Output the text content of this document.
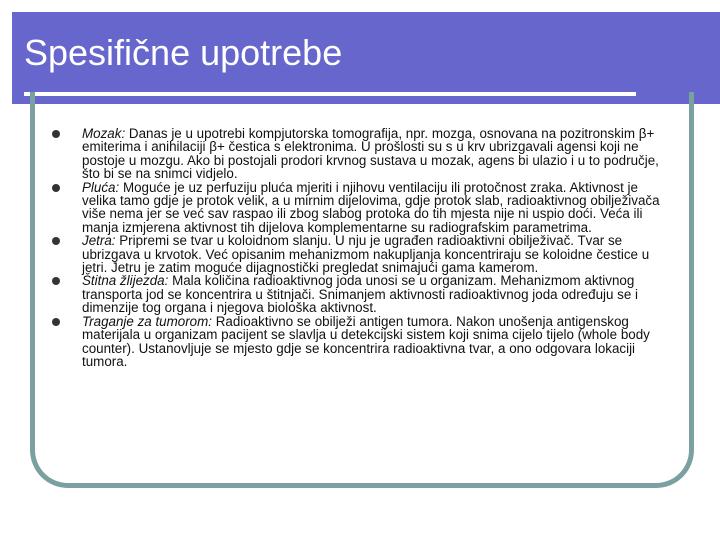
Spesifične upotrebe
Mozak: Danas je u upotrebi kompjutorska tomografija, npr. mozga, osnovana na pozitronskim β+ emiterima i anihilaciji β+ čestica s elektronima. U prošlosti su s u krv ubrizgavali agensi koji ne postoje u mozgu. Ako bi postojali prodori krvnog sustava u mozak, agens bi ulazio i u to područje, što bi se na snimci vidjelo.
Pluća: Moguće je uz perfuziju pluća mjeriti i njihovu ventilaciju ili protočnost zraka. Aktivnost je velika tamo gdje je protok velik, a u mirnim dijelovima, gdje protok slab, radioaktivnog obilježivača više nema jer se već sav raspao ili zbog slabog protoka do tih mjesta nije ni uspio doći. Veća ili manja izmjerena aktivnost tih dijelova komplementarne su radiografskim parametrima.
Jetra: Pripremi se tvar u koloidnom slanju. U nju je ugrađen radioaktivni obilježivač. Tvar se ubrizgava u krvotok. Već opisanim mehanizmom nakupljanja koncentriraju se koloidne čestice u jetri. Jetru je zatim moguće dijagnostički pregledat snimajući gama kamerom.
Štitna žlijezda: Mala količina radioaktivnog joda unosi se u organizam. Mehanizmom aktivnog transporta jod se koncentrira u štitnjači. Snimanjem aktivnosti radioaktivnog joda određuju se i dimenzije tog organa i njegova biološka aktivnost.
Traganje za tumorom: Radioaktivno se obilježi antigen tumora. Nakon unošenja antigenskog materijala u organizam pacijent se slavlja u detekcijski sistem koji snima cijelo tijelo (whole body counter). Ustanovljuje se mjesto gdje se koncentrira radioaktivna tvar, a ono odgovara lokaciji tumora.
